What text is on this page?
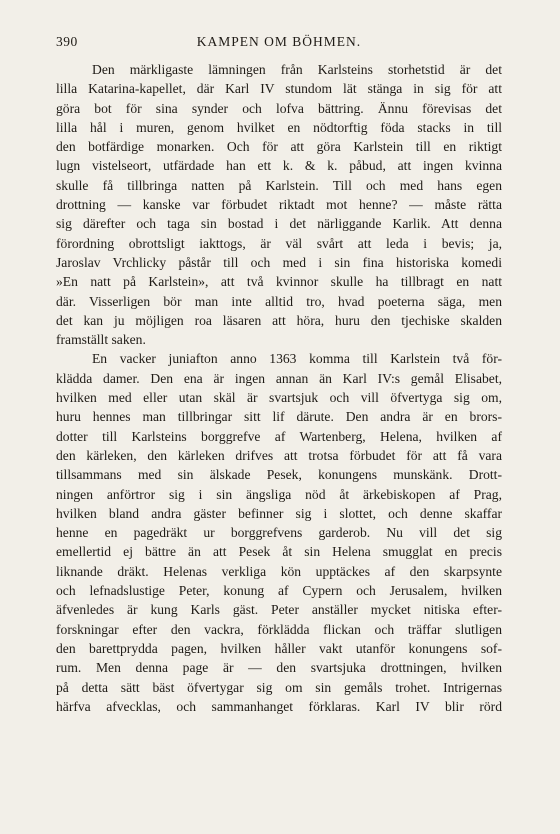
390	KAMPEN OM BÖHMEN.
Den märkligaste lämningen från Karlsteins storhetstid är det
lilla Katarina-kapellet, där Karl IV stundom lät stänga in sig för att
göra bot för sina synder och lofva bättring. Ännu förevisas det
lilla hål i muren, genom hvilket en nödtorftig föda stacks in till
den botfärdige monarken. Och för att göra Karlstein till en riktigt
lugn vistelseort, utfärdade han ett k. & k. påbud, att ingen kvinna
skulle få tillbringa natten på Karlstein. Till och med hans egen
drottning — kanske var förbudet riktadt mot henne? — måste rätta
sig därefter och taga sin bostad i det närliggande Karlik. Att denna
förordning obrottsligt iakttogs, är väl svårt att leda i bevis; ja,
Jaroslav Vrchlicky påstår till och med i sin fina historiska komedi
»En natt på Karlstein», att två kvinnor skulle ha tillbragt en natt
där. Visserligen bör man inte alltid tro, hvad poeterna säga, men
det kan ju möjligen roa läsaren att höra, huru den tjechiske skalden
framställt saken.
En vacker juniafton anno 1363 komma till Karlstein två för-
klädda damer. Den ena är ingen annan än Karl IV:s gemål Elisabet,
hvilken med eller utan skäl är svartsjuk och vill öfvertyga sig om,
huru hennes man tillbringar sitt lif därute. Den andra är en brors-
dotter till Karlsteins borggrefve af Wartenberg, Helena, hvilken af
den kärleken, den kärleken drifves att trotsa förbudet för att få vara
tillsammans med sin älskade Pesek, konungens munskänk. Drott-
ningen anförtror sig i sin ängsliga nöd åt ärkebiskopen af Prag,
hvilken bland andra gäster befinner sig i slottet, och denne skaffar
henne en pagedräkt ur borggrefvens garderob. Nu vill det sig
emellertid ej bättre än att Pesek åt sin Helena smugglat en precis
liknande dräkt. Helenas verkliga kön upptäckes af den skarpsynte
och lefnadslustige Peter, konung af Cypern och Jerusalem, hvilken
äfvenledes är kung Karls gäst. Peter anställer mycket nitiska efter-
forskningar efter den vackra, förklädda flickan och träffar slutligen
den barettprydda pagen, hvilken håller vakt utanför konungens sof-
rum. Men denna page är — den svartsjuka drottningen, hvilken
på detta sätt bäst öfvertygar sig om sin gemåls trohet. Intrigernas
härfva afvecklas, och sammanhanget förklaras. Karl IV blir rörd
